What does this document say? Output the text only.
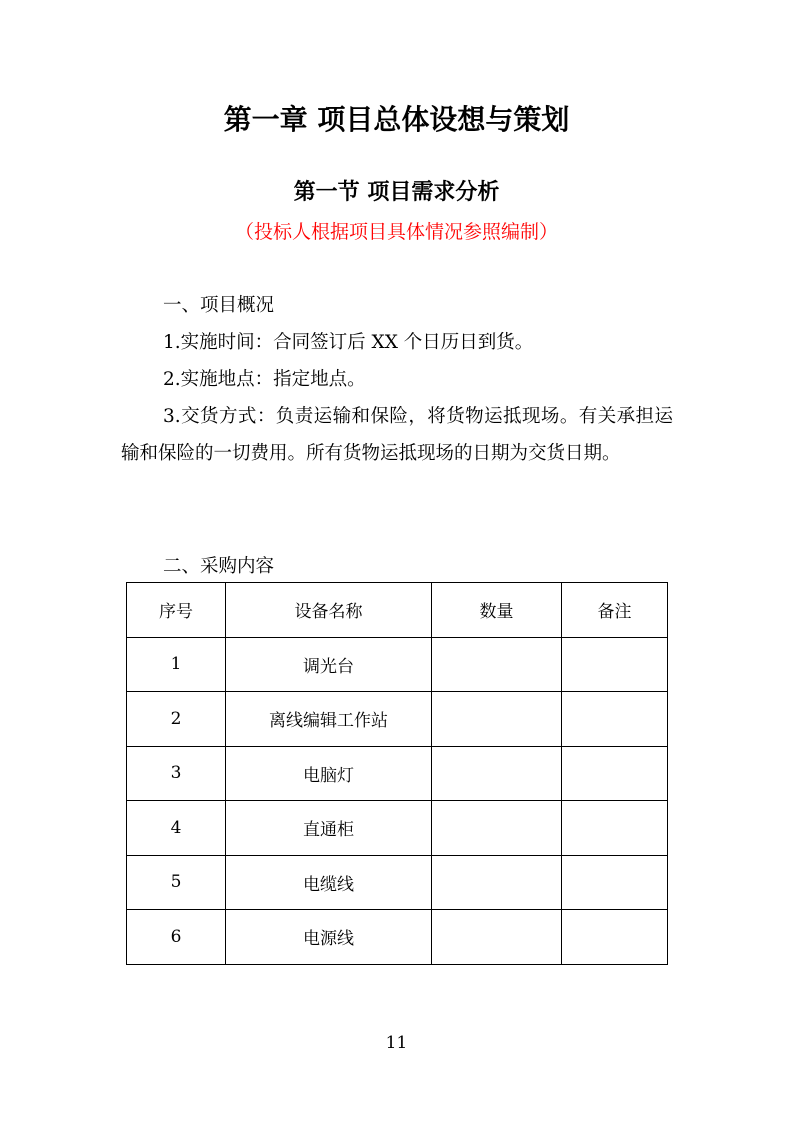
第一章 项目总体设想与策划
第一节 项目需求分析
（投标人根据项目具体情况参照编制）
一、项目概况
1.实施时间：合同签订后 XX 个日历日到货。
2.实施地点：指定地点。
3.交货方式：负责运输和保险，将货物运抵现场。有关承担运输和保险的一切费用。所有货物运抵现场的日期为交货日期。
二、采购内容
序号	设备名称	数量	备注
1	调光台		
2	离线编辑工作站		
3	电脑灯		
4	直通柜		
5	电缆线		
6	电源线		
11
